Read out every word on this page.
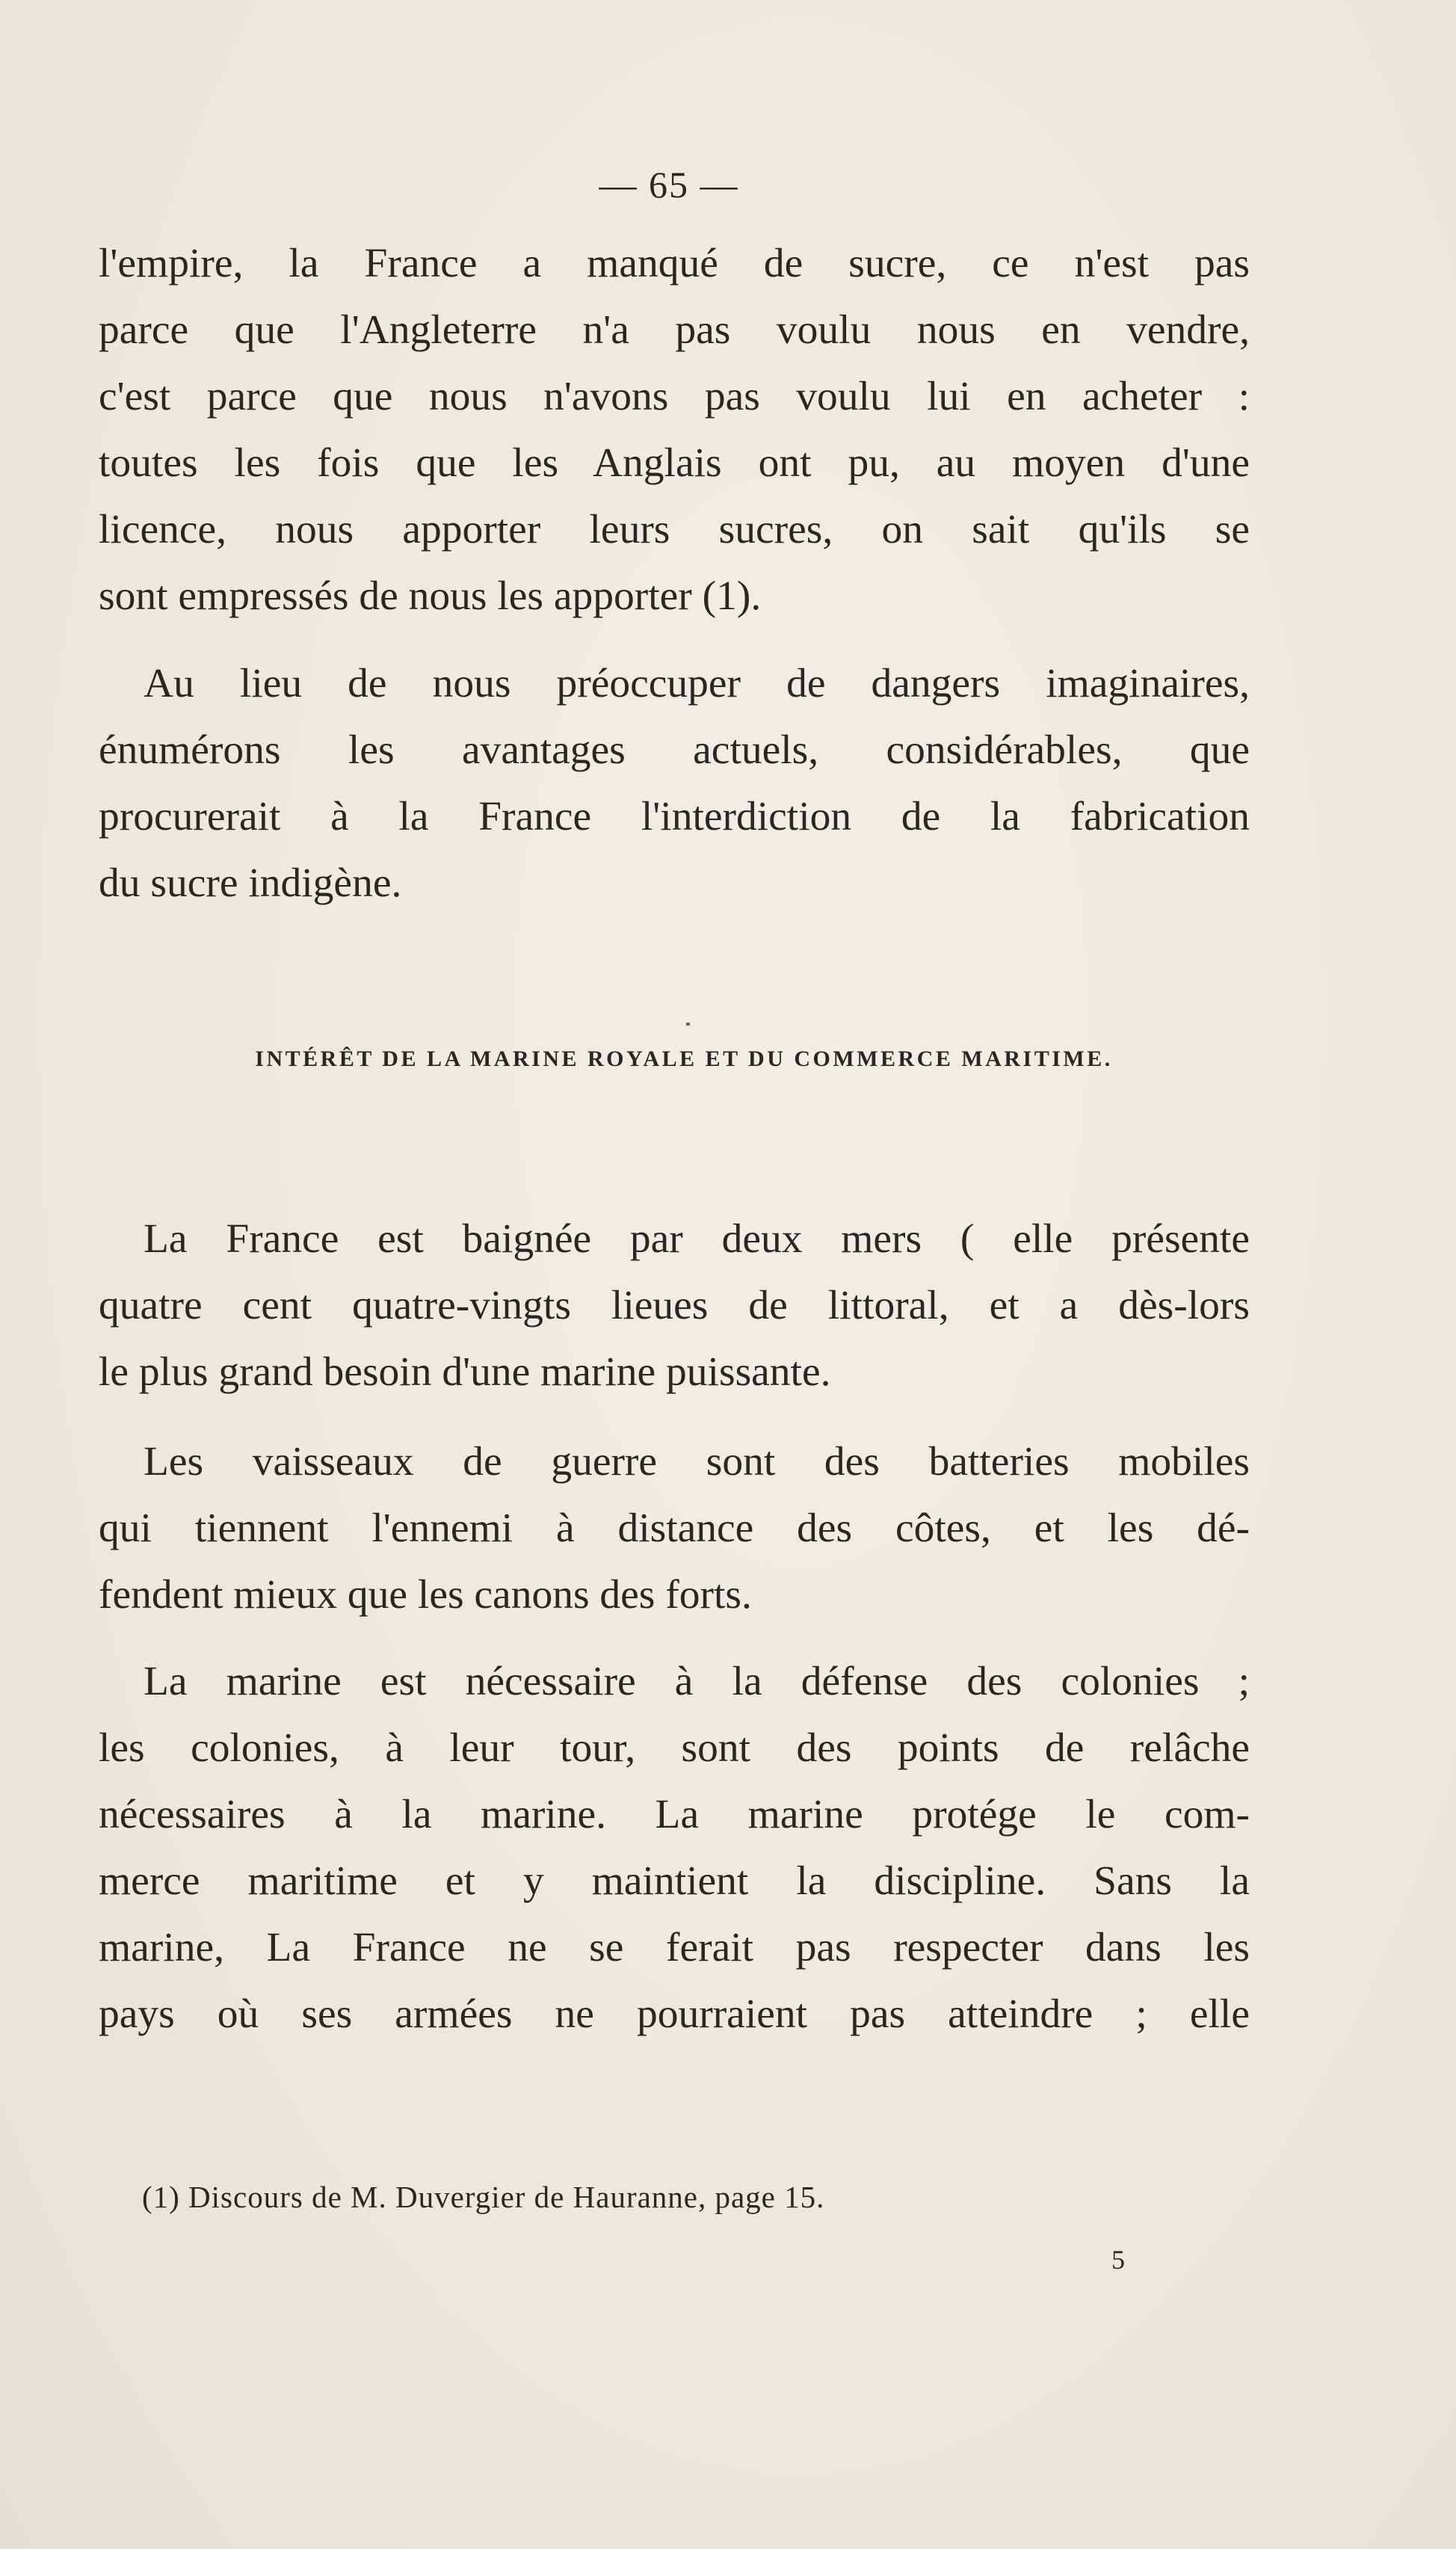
— 65 —
l'empire, la France a manqué de sucre, ce n'est pas
parce que l'Angleterre n'a pas voulu nous en vendre,
c'est parce que nous n'avons pas voulu lui en acheter :
toutes les fois que les Anglais ont pu, au moyen d'une
licence, nous apporter leurs sucres, on sait qu'ils se
sont empressés de nous les apporter (1).
Au lieu de nous préoccuper de dangers imaginaires,
énumérons les avantages actuels, considérables, que
procurerait à la France l'interdiction de la fabrication
du sucre indigène.
INTÉRÊT DE LA MARINE ROYALE ET DU COMMERCE MARITIME.
La France est baignée par deux mers ( elle présente
quatre cent quatre-vingts lieues de littoral, et a dès-lors
le plus grand besoin d'une marine puissante.
Les vaisseaux de guerre sont des batteries mobiles
qui tiennent l'ennemi à distance des côtes, et les dé-
fendent mieux que les canons des forts.
La marine est nécessaire à la défense des colonies ;
les colonies, à leur tour, sont des points de relâche
nécessaires à la marine. La marine protége le com-
merce maritime et y maintient la discipline. Sans la
marine, La France ne se ferait pas respecter dans les
pays où ses armées ne pourraient pas atteindre ; elle
(1) Discours de M. Duvergier de Hauranne, page 15.
5
